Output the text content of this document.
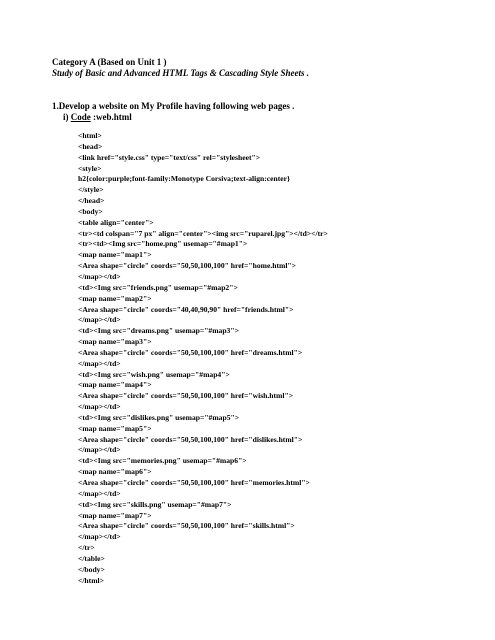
Category A (Based on Unit 1 )
Study of Basic and Advanced HTML Tags & Cascading Style Sheets .
1.Develop a website on My Profile having following web pages .
i) Code :web.html
<html>
<head>
<link href="style.css" type="text/css" rel="stylesheet">
<style>
h2{color:purple;font-family:Monotype Corsiva;text-align:center}
</style>
</head>
<body>
<table align="center">
<tr><td colspan="7 px" align="center"><img src="ruparel.jpg"></td></tr>
<tr><td><Img src="home.png" usemap="#map1">
<map name="map1">
<Area shape="circle" coords="50,50,100,100" href="home.html">
</map></td>
<td><Img src="friends.png" usemap="#map2">
<map name="map2">
<Area shape="circle" coords="40,40,90,90" href="friends.html">
</map></td>
<td><Img src="dreams.png" usemap="#map3">
<map name="map3">
<Area shape="circle" coords="50,50,100,100" href="dreams.html">
</map></td>
<td><Img src="wish.png" usemap="#map4">
<map name="map4">
<Area shape="circle" coords="50,50,100,100" href="wish.html">
</map></td>
<td><Img src="dislikes.png" usemap="#map5">
<map name="map5">
<Area shape="circle" coords="50,50,100,100" href="dislikes.html">
</map></td>
<td><Img src="memories.png" usemap="#map6">
<map name="map6">
<Area shape="circle" coords="50,50,100,100" href="memories.html">
</map></td>
<td><Img src="skills.png" usemap="#map7">
<map name="map7">
<Area shape="circle" coords="50,50,100,100" href="skills.html">
</map></td>
</tr>
</table>
</body>
</html>
